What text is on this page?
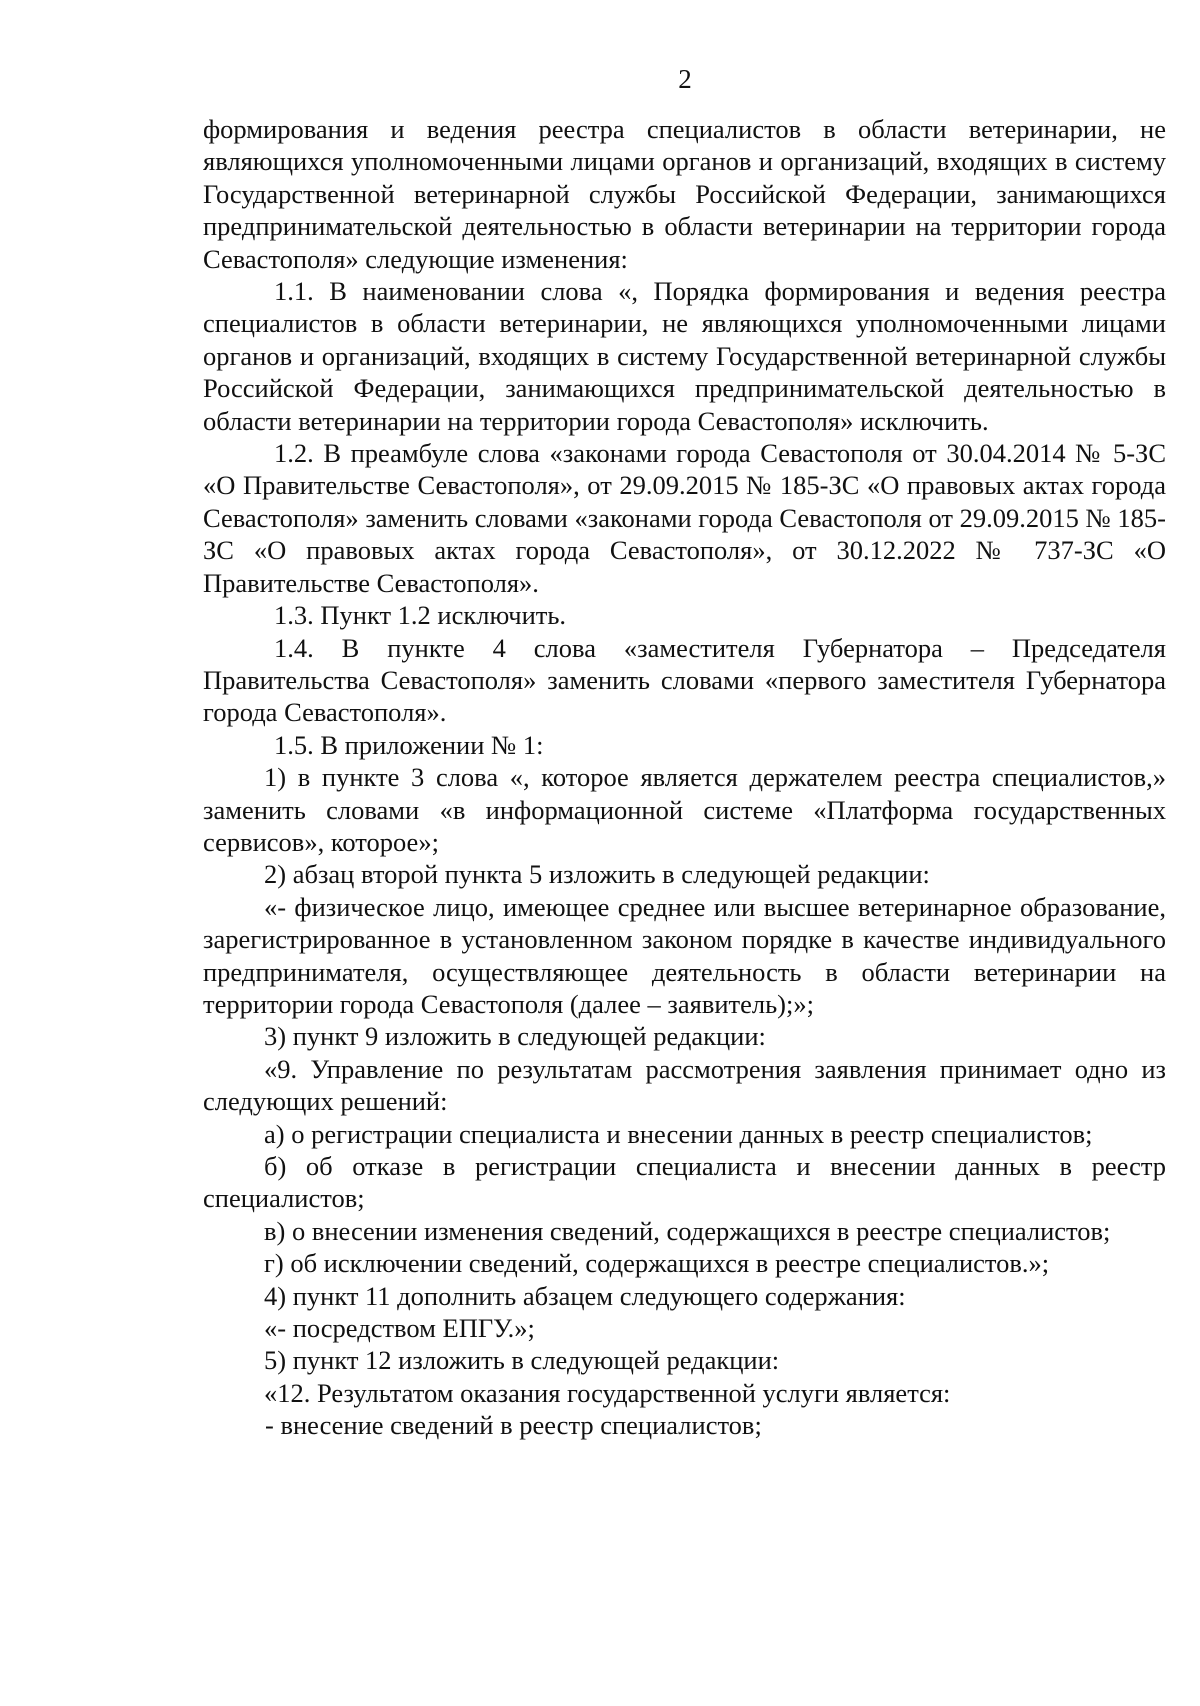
2

формирования и ведения реестра специалистов в области ветеринарии, не являющихся уполномоченными лицами органов и организаций, входящих в систему Государственной ветеринарной службы Российской Федерации, занимающихся предпринимательской деятельностью в области ветеринарии на территории города Севастополя» следующие изменения:

1.1. В наименовании слова «, Порядка формирования и ведения реестра специалистов в области ветеринарии, не являющихся уполномоченными лицами органов и организаций, входящих в систему Государственной ветеринарной службы Российской Федерации, занимающихся предпринимательской деятельностью в области ветеринарии на территории города Севастополя» исключить.

1.2. В преамбуле слова «законами города Севастополя от 30.04.2014 № 5-ЗС «О Правительстве Севастополя», от 29.09.2015 № 185-ЗС «О правовых актах города Севастополя» заменить словами «законами города Севастополя от 29.09.2015 № 185-ЗС «О правовых актах города Севастополя», от 30.12.2022 № 737-ЗС «О Правительстве Севастополя».

1.3. Пункт 1.2 исключить.

1.4. В пункте 4 слова «заместителя Губернатора – Председателя Правительства Севастополя» заменить словами «первого заместителя Губернатора города Севастополя».

1.5. В приложении № 1:

1) в пункте 3 слова «, которое является держателем реестра специалистов,» заменить словами «в информационной системе «Платформа государственных сервисов», которое»;

2) абзац второй пункта 5 изложить в следующей редакции:

«- физическое лицо, имеющее среднее или высшее ветеринарное образование, зарегистрированное в установленном законом порядке в качестве индивидуального предпринимателя, осуществляющее деятельность в области ветеринарии на территории города Севастополя (далее – заявитель);»;

3) пункт 9 изложить в следующей редакции:

«9. Управление по результатам рассмотрения заявления принимает одно из следующих решений:

а) о регистрации специалиста и внесении данных в реестр специалистов;

б) об отказе в регистрации специалиста и внесении данных в реестр специалистов;

в) о внесении изменения сведений, содержащихся в реестре специалистов;

г) об исключении сведений, содержащихся в реестре специалистов.»;

4) пункт 11 дополнить абзацем следующего содержания:

«- посредством ЕПГУ.»;

5) пункт 12 изложить в следующей редакции:

«12. Результатом оказания государственной услуги является:

- внесение сведений в реестр специалистов;
